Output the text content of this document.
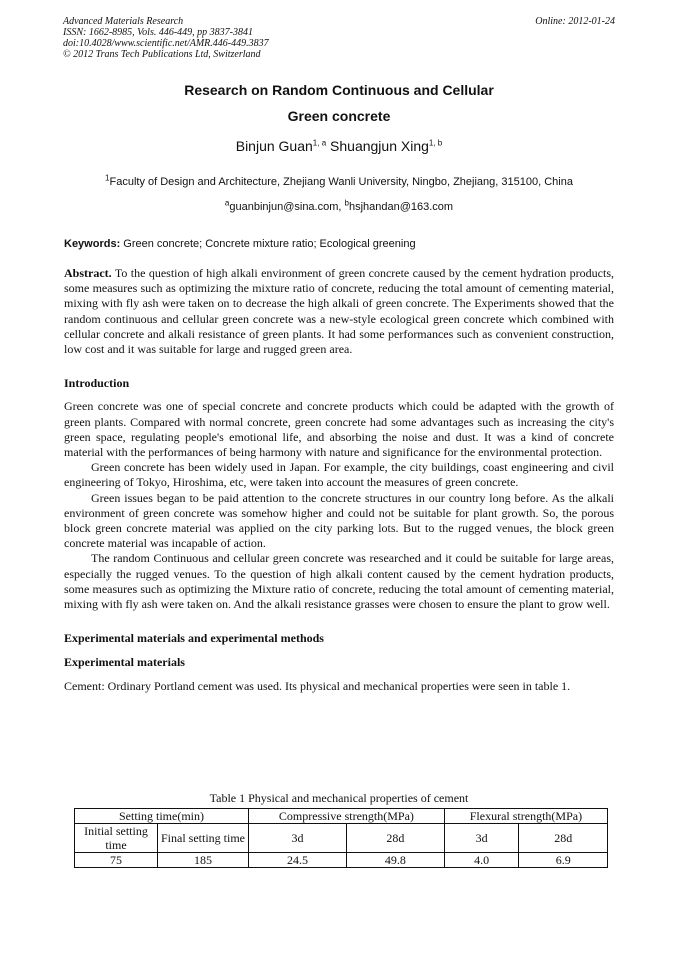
Advanced Materials Research
ISSN: 1662-8985, Vols. 446-449, pp 3837-3841
doi:10.4028/www.scientific.net/AMR.446-449.3837
© 2012 Trans Tech Publications Ltd, Switzerland
Online: 2012-01-24
Research on Random Continuous and Cellular
Green concrete
Binjun Guan$^{1, a}$ Shuangjun Xing$^{1, b}$
$^1$Faculty of Design and Architecture, Zhejiang Wanli University, Ningbo, Zhejiang, 315100, China
$^a$guanbinjun@sina.com, $^b$hsjhandan@163.com
Keywords: Green concrete; Concrete mixture ratio; Ecological greening

Abstract. To the question of high alkali environment of green concrete caused by the cement hydration products, some measures such as optimizing the mixture ratio of concrete, reducing the total amount of cementing material, mixing with fly ash were taken on to decrease the high alkali of green concrete. The Experiments showed that the random continuous and cellular green concrete was a new-style ecological green concrete which combined with cellular concrete and alkali resistance of green plants. It had some performances such as convenient construction, low cost and it was suitable for large and rugged green area.

Introduction

Green concrete was one of special concrete and concrete products which could be adapted with the growth of green plants. Compared with normal concrete, green concrete had some advantages such as increasing the city's green space, regulating people's emotional life, and absorbing the noise and dust. It was a kind of concrete material with the performances of being harmony with nature and significance for the environmental protection.

Green concrete has been widely used in Japan. For example, the city buildings, coast engineering and civil engineering of Tokyo, Hiroshima, etc, were taken into account the measures of green concrete.

Green issues began to be paid attention to the concrete structures in our country long before. As the alkali environment of green concrete was somehow higher and could not be suitable for plant growth. So, the porous block green concrete material was applied on the city parking lots. But to the rugged venues, the block green concrete material was incapable of action.

The random Continuous and cellular green concrete was researched and it could be suitable for large areas, especially the rugged venues. To the question of high alkali content caused by the cement hydration products, some measures such as optimizing the Mixture ratio of concrete, reducing the total amount of cementing material, mixing with fly ash were taken on. And the alkali resistance grasses were chosen to ensure the plant to grow well.

Experimental materials and experimental methods

Experimental materials

Cement: Ordinary Portland cement was used. Its physical and mechanical properties were seen in table 1.

Table 1 Physical and mechanical properties of cement
Setting time(min)		Compressive strength(MPa)		Flexural strength(MPa)	
Initial setting time	Final setting time	3d	28d	3d	28d
75	185	24.5	49.8	4.0	6.9
